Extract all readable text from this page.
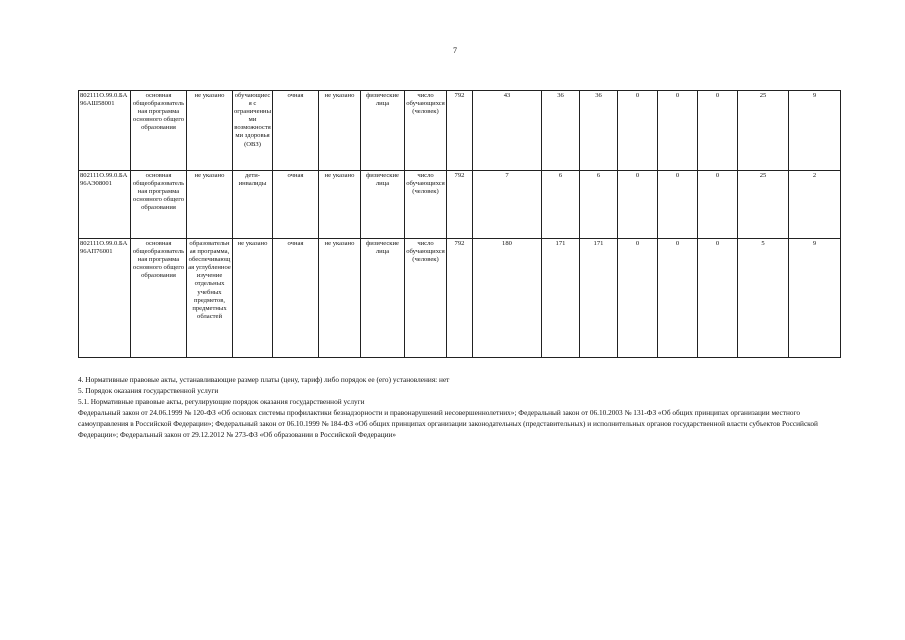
7
802111О.99.0.БА96АШ58001	основная общеобразовательная программа основного общего образования	не указано	обучающиеся с ограниченными возможностями здоровья (ОВЗ)	очная	не указано	физические лица	число обучающихся (человек)	792	43	36	36	0	0	0	25	9
802111О.99.0.БА96АЭ08001	основная общеобразовательная программа основного общего образования	не указано	дети-инвалиды	очная	не указано	физические лица	число обучающихся (человек)	792	7	6	6	0	0	0	25	2
802111О.99.0.БА96АП76001	основная общеобразовательная программа основного общего образования	образовательная программа, обеспечивающая углубленное изучение отдельных учебных предметов, предметных областей	не указано	очная	не указано	физические лица	число обучающихся (человек)	792	180	171	171	0	0	0	5	9

4. Нормативные правовые акты, устанавливающие размер платы (цену, тариф) либо порядок ее (его) установления: нет

5. Порядок оказания государственной услуги

5.1. Нормативные правовые акты, регулирующие порядок оказания государственной услуги

Федеральный закон от 24.06.1999 № 120-ФЗ «Об основах системы профилактики безнадзорности и правонарушений несовершеннолетних»; Федеральный закон от 06.10.2003 № 131-ФЗ «Об общих принципах организации местного самоуправления в Российской Федерации»; Федеральный закон от 06.10.1999 № 184-ФЗ «Об общих принципах организации законодательных (представительных) и исполнительных органов государственной власти субъектов Российской Федерации»; Федеральный закон от 29.12.2012 № 273-ФЗ «Об образовании в Российской Федерации»
